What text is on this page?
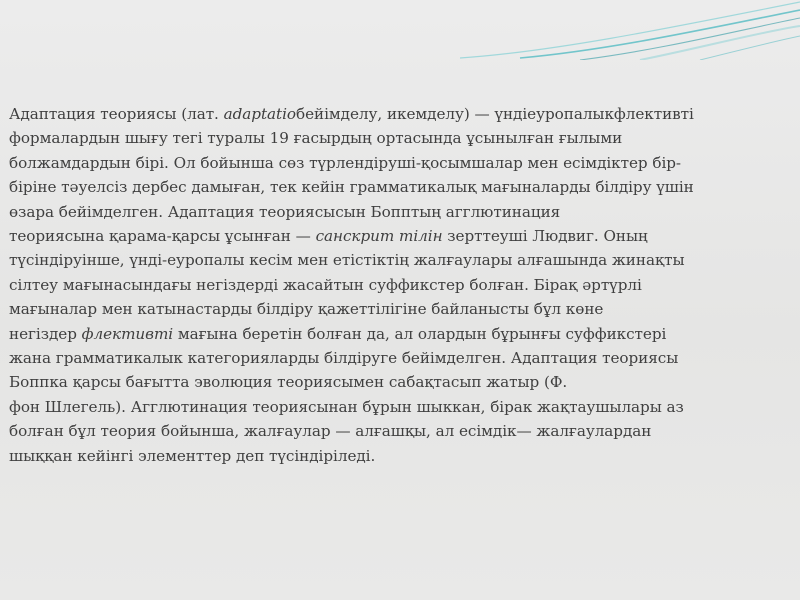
Адаптация теориясы (лат. adaptatioбейімделу, икемделу) — үндіеуропалыкфлективті
формалардын шығу тегі туралы 19 ғасырдың ортасында ұсынылған ғылыми
болжамдардын бірі. Ол бойынша сөз түрлендіруші-қосымшалар мен есімдіктер бір-
біріне тәуелсіз дербес дамыған, тек кейін грамматикалық мағыналарды білдіру үшін
өзара бейімделген. Адаптация теориясысын Бопптың агглютинация
теориясына қарама-қарсы ұсынған — санскрит тілін зерттеуші Людвиг. Оның
түсіндіруінше, үнді-еуропалы кесім мен етістіктің жалғаулары алғашында жинақты
сілтеу мағынасындағы негіздерді жасайтын суффикстер болған. Бірақ әртүрлі
мағыналар мен катынастарды білдіру қажеттілігіне байланысты бұл көне
негіздер флективті мағына беретін болған да, ал олардын бұрынғы суффикстері
жана грамматикалык категорияларды білдіруге бейімделген. Адаптация теориясы
Боппка қарсы бағытта эволюция теориясымен сабақтасып жатыр (Ф.
фон Шлегель). Агглютинация теориясынан бұрын шыккан, бірак жақтаушылары аз
болған бұл теория бойынша, жалғаулар — алғашқы, ал есімдік— жалғаулардан
шыққан кейінгі элементтер деп түсіндіріледі.
